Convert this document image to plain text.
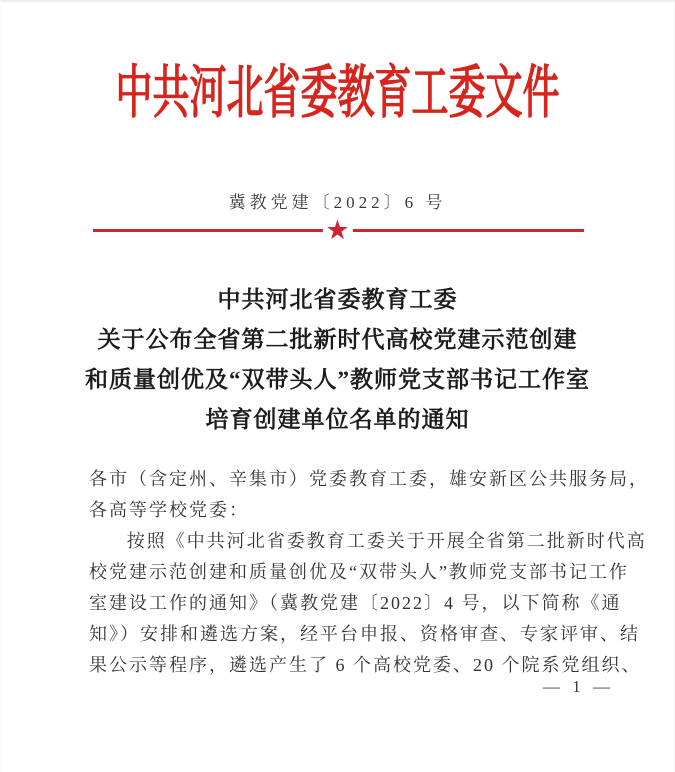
中共河北省委教育工委文件
冀教党建〔2022〕6 号
★
中共河北省委教育工委
关于公布全省第二批新时代高校党建示范创建
和质量创优及“双带头人”教师党支部书记工作室
培育创建单位名单的通知
各市（含定州、辛集市）党委教育工委，雄安新区公共服务局，
各高等学校党委：
按照《中共河北省委教育工委关于开展全省第二批新时代高
校党建示范创建和质量创优及“双带头人”教师党支部书记工作
室建设工作的通知》（冀教党建〔2022〕4 号，以下简称《通
知》）安排和遴选方案，经平台申报、资格审查、专家评审、结
果公示等程序，遴选产生了 6 个高校党委、20 个院系党组织、
— 1 —
